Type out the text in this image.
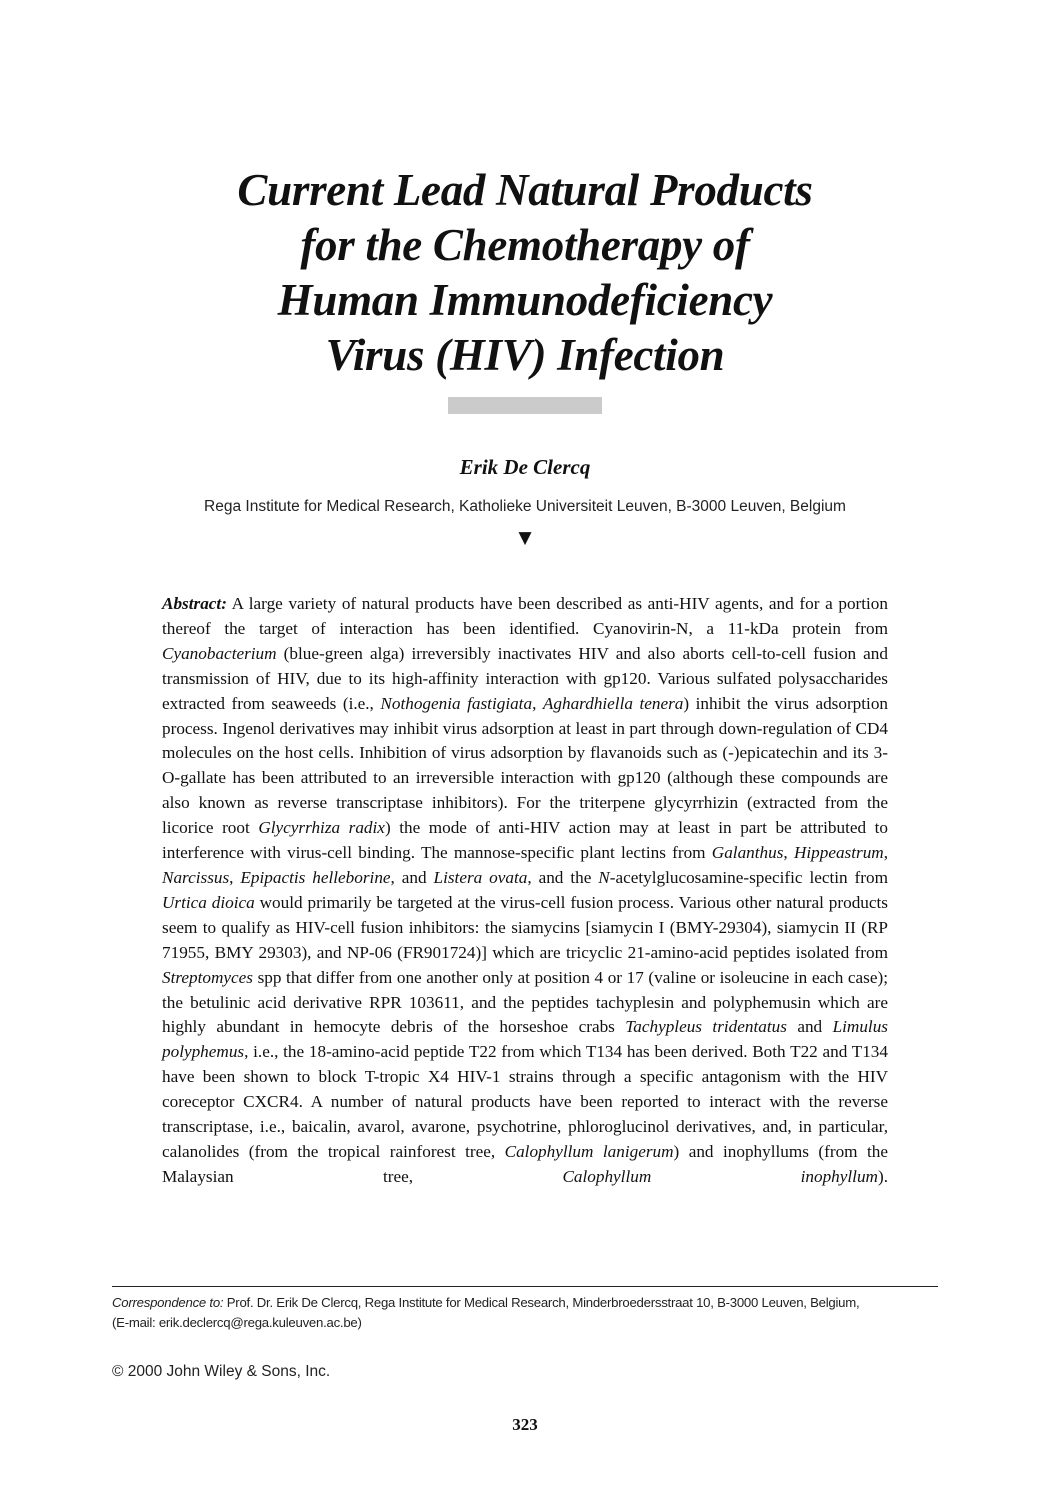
Current Lead Natural Products
for the Chemotherapy of
Human Immunodeficiency
Virus (HIV) Infection
Erik De Clercq
Rega Institute for Medical Research, Katholieke Universiteit Leuven, B-3000 Leuven, Belgium
▼
Abstract: A large variety of natural products have been described as anti-HIV agents, and for a portion thereof the target of interaction has been identified. Cyanovirin-N, a 11-kDa protein from Cyanobacterium (blue-green alga) irreversibly inactivates HIV and also aborts cell-to-cell fusion and transmission of HIV, due to its high-affinity interaction with gp120. Various sulfated polysaccharides extracted from seaweeds (i.e., Nothogenia fastigiata, Aghardhiella tenera) inhibit the virus adsorption process. Ingenol derivatives may inhibit virus adsorption at least in part through down-regulation of CD4 molecules on the host cells. Inhibition of virus adsorption by flavanoids such as (-)epicatechin and its 3-O-gallate has been attributed to an irreversible interaction with gp120 (although these compounds are also known as reverse transcriptase inhibitors). For the triterpene glycyrrhizin (extracted from the licorice root Glycyrrhiza radix) the mode of anti-HIV action may at least in part be attributed to interference with virus-cell binding. The mannose-specific plant lectins from Galanthus, Hippeastrum, Narcissus, Epipactis helleborine, and Listera ovata, and the N-acetylglucosamine-specific lectin from Urtica dioica would primarily be targeted at the virus-cell fusion process. Various other natural products seem to qualify as HIV-cell fusion inhibitors: the siamycins [siamycin I (BMY-29304), siamycin II (RP 71955, BMY 29303), and NP-06 (FR901724)] which are tricyclic 21-amino-acid peptides isolated from Streptomyces spp that differ from one another only at position 4 or 17 (valine or isoleucine in each case); the betulinic acid derivative RPR 103611, and the peptides tachyplesin and polyphemusin which are highly abundant in hemocyte debris of the horseshoe crabs Tachypleus tridentatus and Limulus polyphemus, i.e., the 18-amino-acid peptide T22 from which T134 has been derived. Both T22 and T134 have been shown to block T-tropic X4 HIV-1 strains through a specific antagonism with the HIV coreceptor CXCR4. A number of natural products have been reported to interact with the reverse transcriptase, i.e., baicalin, avarol, avarone, psychotrine, phloroglucinol derivatives, and, in particular, calanolides (from the tropical rainforest tree, Calophyllum lanigerum) and inophyllums (from the Malaysian tree, Calophyllum inophyllum).
Correspondence to: Prof. Dr. Erik De Clercq, Rega Institute for Medical Research, Minderbroedersstraat 10, B-3000 Leuven, Belgium,
(E-mail: erik.declercq@rega.kuleuven.ac.be)
© 2000 John Wiley & Sons, Inc.
323
